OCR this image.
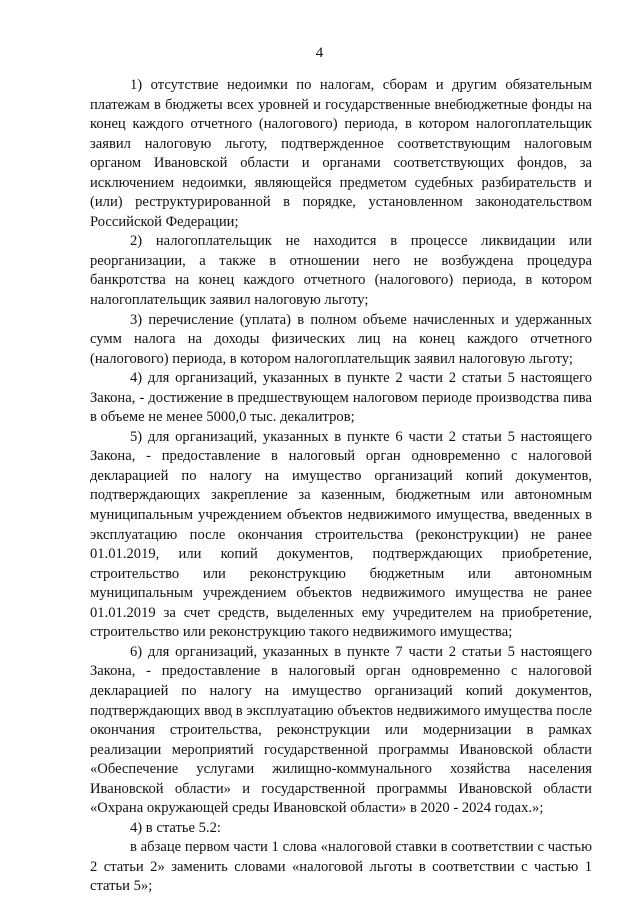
4

1) отсутствие недоимки по налогам, сборам и другим обязательным платежам в бюджеты всех уровней и государственные внебюджетные фонды на конец каждого отчетного (налогового) периода, в котором налогоплательщик заявил налоговую льготу, подтвержденное соответствующим налоговым органом Ивановской области и органами соответствующих фондов, за исключением недоимки, являющейся предметом судебных разбирательств и (или) реструктурированной в порядке, установленном законодательством Российской Федерации;

2) налогоплательщик не находится в процессе ликвидации или реорганизации, а также в отношении него не возбуждена процедура банкротства на конец каждого отчетного (налогового) периода, в котором налогоплательщик заявил налоговую льготу;

3) перечисление (уплата) в полном объеме начисленных и удержанных сумм налога на доходы физических лиц на конец каждого отчетного (налогового) периода, в котором налогоплательщик заявил налоговую льготу;

4) для организаций, указанных в пункте 2 части 2 статьи 5 настоящего Закона, - достижение в предшествующем налоговом периоде производства пива в объеме не менее 5000,0 тыс. декалитров;

5) для организаций, указанных в пункте 6 части 2 статьи 5 настоящего Закона, - предоставление в налоговый орган одновременно с налоговой декларацией по налогу на имущество организаций копий документов, подтверждающих закрепление за казенным, бюджетным или автономным муниципальным учреждением объектов недвижимого имущества, введенных в эксплуатацию после окончания строительства (реконструкции) не ранее 01.01.2019, или копий документов, подтверждающих приобретение, строительство или реконструкцию бюджетным или автономным муниципальным учреждением объектов недвижимого имущества не ранее 01.01.2019 за счет средств, выделенных ему учредителем на приобретение, строительство или реконструкцию такого недвижимого имущества;

6) для организаций, указанных в пункте 7 части 2 статьи 5 настоящего Закона, - предоставление в налоговый орган одновременно с налоговой декларацией по налогу на имущество организаций копий документов, подтверждающих ввод в эксплуатацию объектов недвижимого имущества после окончания строительства, реконструкции или модернизации в рамках реализации мероприятий государственной программы Ивановской области «Обеспечение услугами жилищно-коммунального хозяйства населения Ивановской области» и государственной программы Ивановской области «Охрана окружающей среды Ивановской области» в 2020 - 2024 годах.»;

4) в статье 5.2:

в абзаце первом части 1 слова «налоговой ставки в соответствии с частью 2 статьи 2» заменить словами «налоговой льготы в соответствии с частью 1 статьи 5»;
